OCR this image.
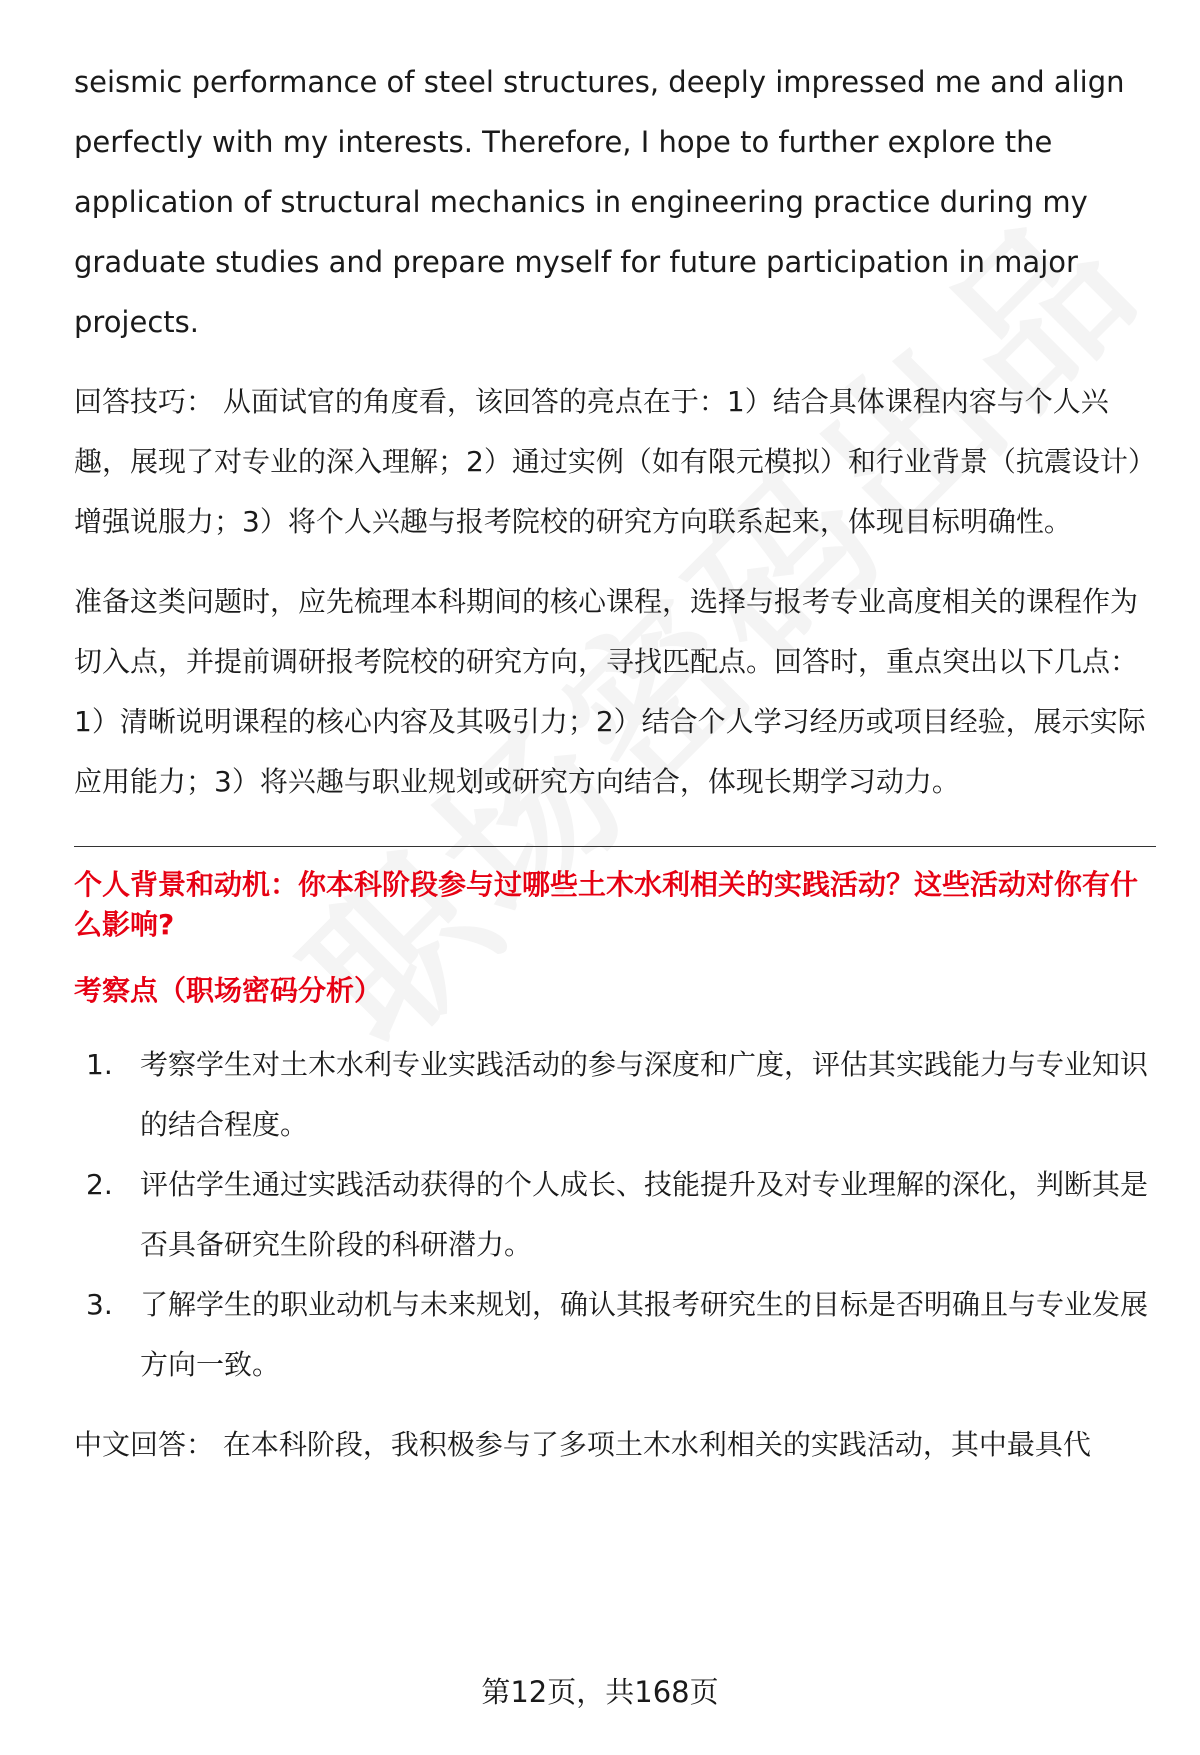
seismic performance of steel structures, deeply impressed me and align perfectly with my interests. Therefore, I hope to further explore the application of structural mechanics in engineering practice during my graduate studies and prepare myself for future participation in major projects.

回答技巧： 从面试官的角度看，该回答的亮点在于：1）结合具体课程内容与个人兴趣，展现了对专业的深入理解；2）通过实例（如有限元模拟）和行业背景（抗震设计）增强说服力；3）将个人兴趣与报考院校的研究方向联系起来，体现目标明确性。

准备这类问题时，应先梳理本科期间的核心课程，选择与报考专业高度相关的课程作为切入点，并提前调研报考院校的研究方向，寻找匹配点。回答时，重点突出以下几点：1）清晰说明课程的核心内容及其吸引力；2）结合个人学习经历或项目经验，展示实际应用能力；3）将兴趣与职业规划或研究方向结合，体现长期学习动力。

个人背景和动机：你本科阶段参与过哪些土木水利相关的实践活动？这些活动对你有什么影响?
考察点（职场密码分析）
1. 考察学生对土木水利专业实践活动的参与深度和广度，评估其实践能力与专业知识的结合程度。
2. 评估学生通过实践活动获得的个人成长、技能提升及对专业理解的深化，判断其是否具备研究生阶段的科研潜力。
3. 了解学生的职业动机与未来规划，确认其报考研究生的目标是否明确且与专业发展方向一致。

中文回答： 在本科阶段，我积极参与了多项土木水利相关的实践活动，其中最具代

第12页，共168页
